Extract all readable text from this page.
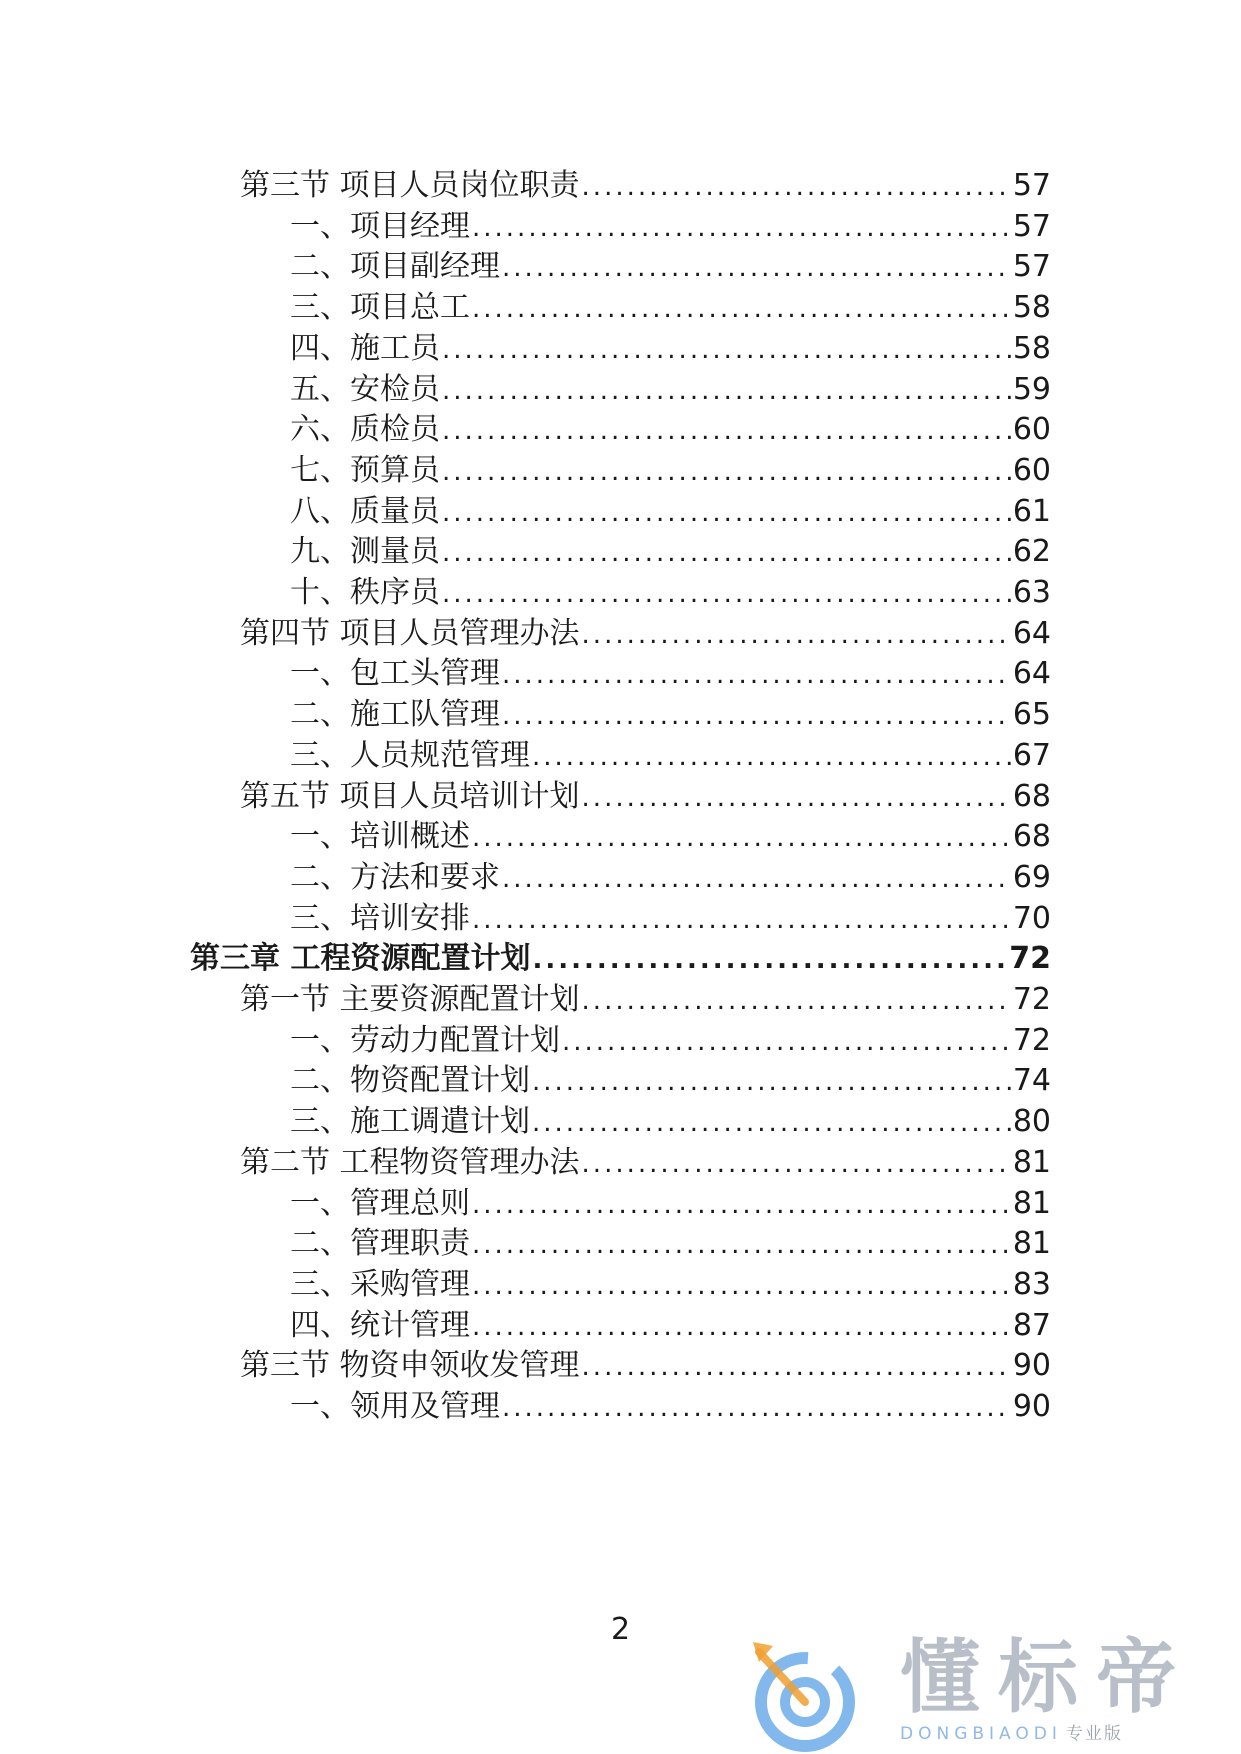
第三节 项目人员岗位职责 .....	57
一、项目经理 .....	57
二、项目副经理 .....	57
三、项目总工 .....	58
四、施工员 .....	58
五、安检员 .....	59
六、质检员 .....	60
七、预算员 .....	60
八、质量员 .....	61
九、测量员 .....	62
十、秩序员 .....	63
第四节 项目人员管理办法 .....	64
一、包工头管理 .....	64
二、施工队管理 .....	65
三、人员规范管理 .....	67
第五节 项目人员培训计划 .....	68
一、培训概述 .....	68
二、方法和要求 .....	69
三、培训安排 .....	70
第三章 工程资源配置计划 .....	72
第一节 主要资源配置计划 .....	72
一、劳动力配置计划 .....	72
二、物资配置计划 .....	74
三、施工调遣计划 .....	80
第二节 工程物资管理办法 .....	81
一、管理总则 .....	81
二、管理职责 .....	81
三、采购管理 .....	83
四、统计管理 .....	87
第三节 物资申领收发管理 .....	90
一、领用及管理 .....	90
2
懂标帝
DONGBIAODI 专业版
